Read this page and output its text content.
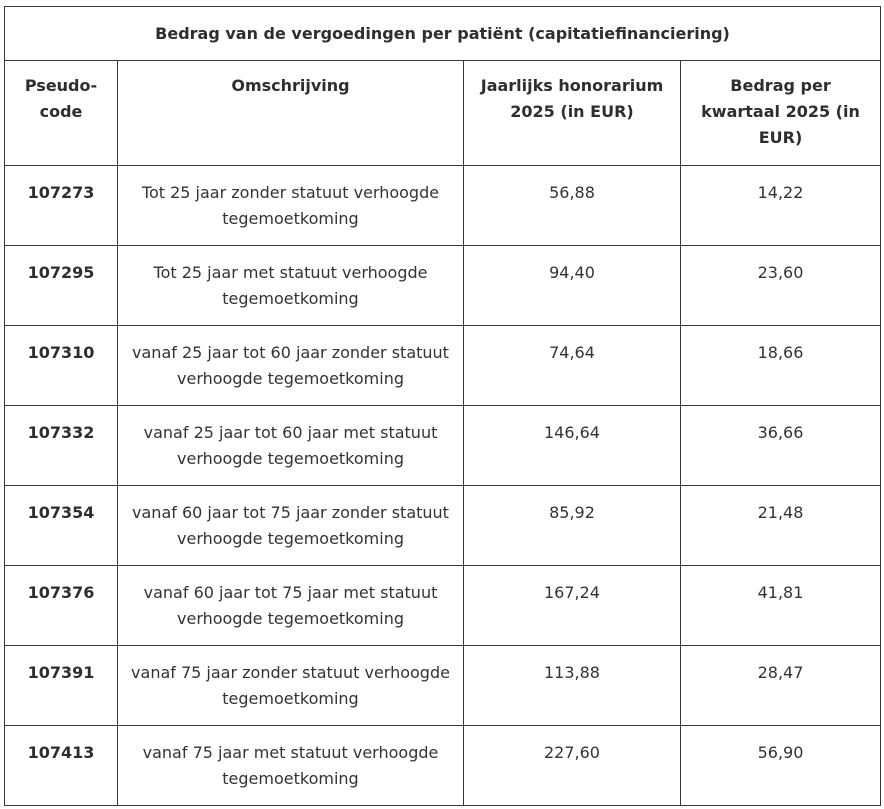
Bedrag van de vergoedingen per patiënt (capitatiefinanciering)			
Pseudo-code	Omschrijving	Jaarlijks honorarium 2025 (in EUR)	Bedrag per kwartaal 2025 (in EUR)
107273	Tot 25 jaar zonder statuut verhoogde tegemoetkoming	56,88	14,22
107295	Tot 25 jaar met statuut verhoogde tegemoetkoming	94,40	23,60
107310	vanaf 25 jaar tot 60 jaar zonder statuut verhoogde tegemoetkoming	74,64	18,66
107332	vanaf 25 jaar tot 60 jaar met statuut verhoogde tegemoetkoming	146,64	36,66
107354	vanaf 60 jaar tot 75 jaar zonder statuut verhoogde tegemoetkoming	85,92	21,48
107376	vanaf 60 jaar tot 75 jaar met statuut verhoogde tegemoetkoming	167,24	41,81
107391	vanaf 75 jaar zonder statuut verhoogde tegemoetkoming	113,88	28,47
107413	vanaf 75 jaar met statuut verhoogde tegemoetkoming	227,60	56,90
